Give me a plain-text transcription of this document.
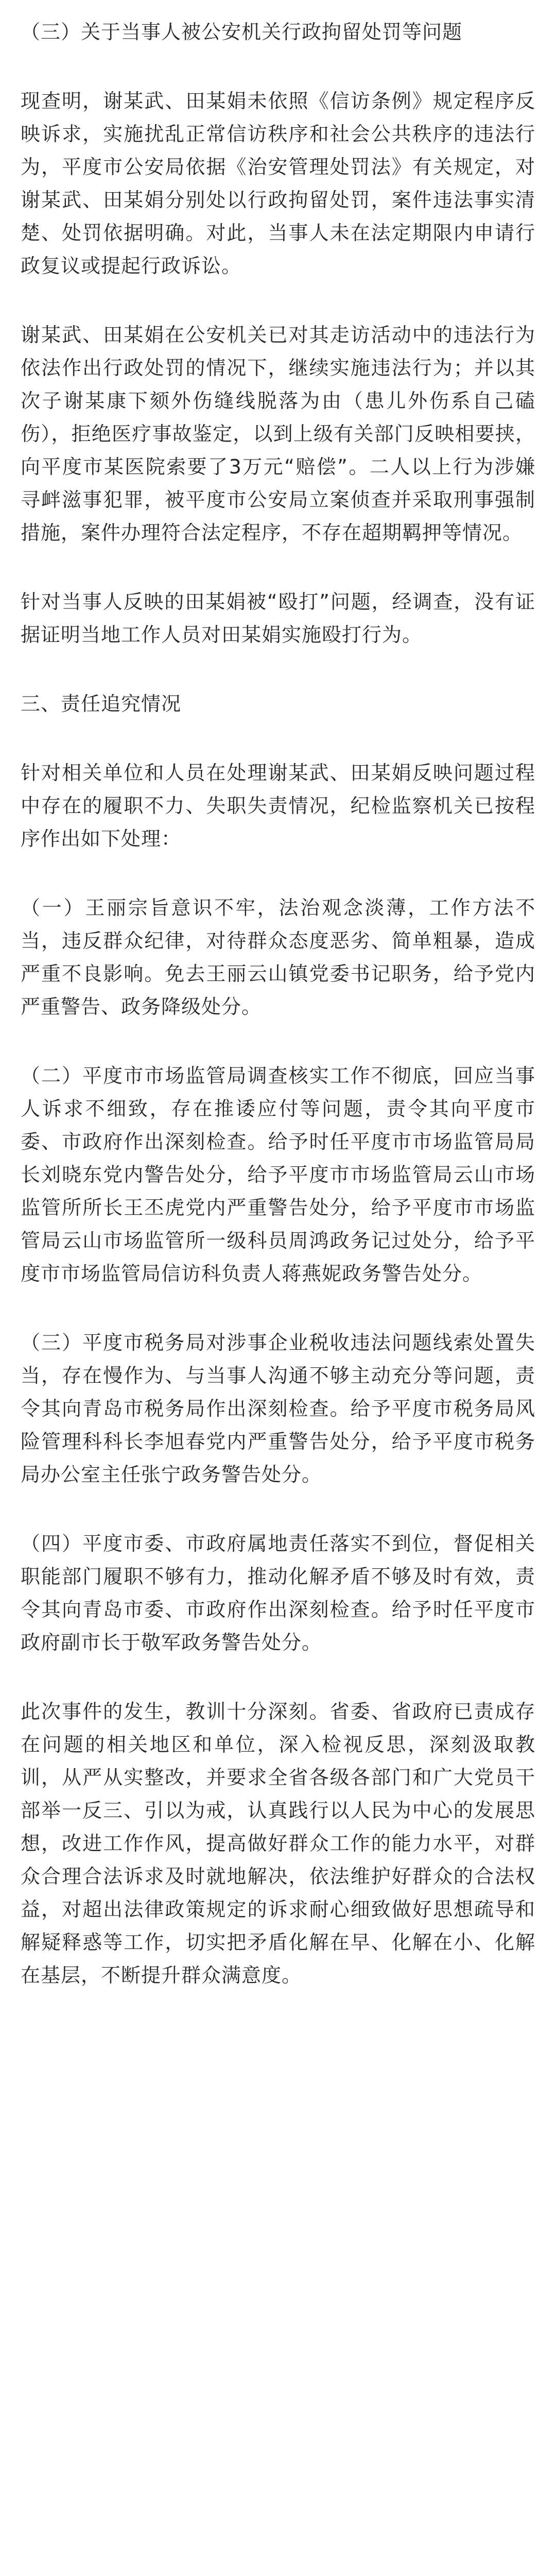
（三）关于当事人被公安机关行政拘留处罚等问题

现查明，谢某武、田某娟未依照《信访条例》规定程序反映诉求，实施扰乱正常信访秩序和社会公共秩序的违法行为，平度市公安局依据《治安管理处罚法》有关规定，对谢某武、田某娟分别处以行政拘留处罚，案件违法事实清楚、处罚依据明确。对此，当事人未在法定期限内申请行政复议或提起行政诉讼。

谢某武、田某娟在公安机关已对其走访活动中的违法行为依法作出行政处罚的情况下，继续实施违法行为；并以其次子谢某康下颏外伤缝线脱落为由（患儿外伤系自己磕伤），拒绝医疗事故鉴定，以到上级有关部门反映相要挟，向平度市某医院索要了3万元“赔偿”。二人以上行为涉嫌寻衅滋事犯罪，被平度市公安局立案侦查并采取刑事强制措施，案件办理符合法定程序，不存在超期羁押等情况。

针对当事人反映的田某娟被“殴打”问题，经调查，没有证据证明当地工作人员对田某娟实施殴打行为。

三、责任追究情况

针对相关单位和人员在处理谢某武、田某娟反映问题过程中存在的履职不力、失职失责情况，纪检监察机关已按程序作出如下处理：

（一）王丽宗旨意识不牢，法治观念淡薄，工作方法不当，违反群众纪律，对待群众态度恶劣、简单粗暴，造成严重不良影响。免去王丽云山镇党委书记职务，给予党内严重警告、政务降级处分。

（二）平度市市场监管局调查核实工作不彻底，回应当事人诉求不细致，存在推诿应付等问题，责令其向平度市委、市政府作出深刻检查。给予时任平度市市场监管局局长刘晓东党内警告处分，给予平度市市场监管局云山市场监管所所长王丕虎党内严重警告处分，给予平度市市场监管局云山市场监管所一级科员周鸿政务记过处分，给予平度市市场监管局信访科负责人蒋燕妮政务警告处分。

（三）平度市税务局对涉事企业税收违法问题线索处置失当，存在慢作为、与当事人沟通不够主动充分等问题，责令其向青岛市税务局作出深刻检查。给予平度市税务局风险管理科科长李旭春党内严重警告处分，给予平度市税务局办公室主任张宁政务警告处分。

（四）平度市委、市政府属地责任落实不到位，督促相关职能部门履职不够有力，推动化解矛盾不够及时有效，责令其向青岛市委、市政府作出深刻检查。给予时任平度市政府副市长于敬军政务警告处分。

此次事件的发生，教训十分深刻。省委、省政府已责成存在问题的相关地区和单位，深入检视反思，深刻汲取教训，从严从实整改，并要求全省各级各部门和广大党员干部举一反三、引以为戒，认真践行以人民为中心的发展思想，改进工作作风，提高做好群众工作的能力水平，对群众合理合法诉求及时就地解决，依法维护好群众的合法权益，对超出法律政策规定的诉求耐心细致做好思想疏导和解疑释惑等工作，切实把矛盾化解在早、化解在小、化解在基层，不断提升群众满意度。
